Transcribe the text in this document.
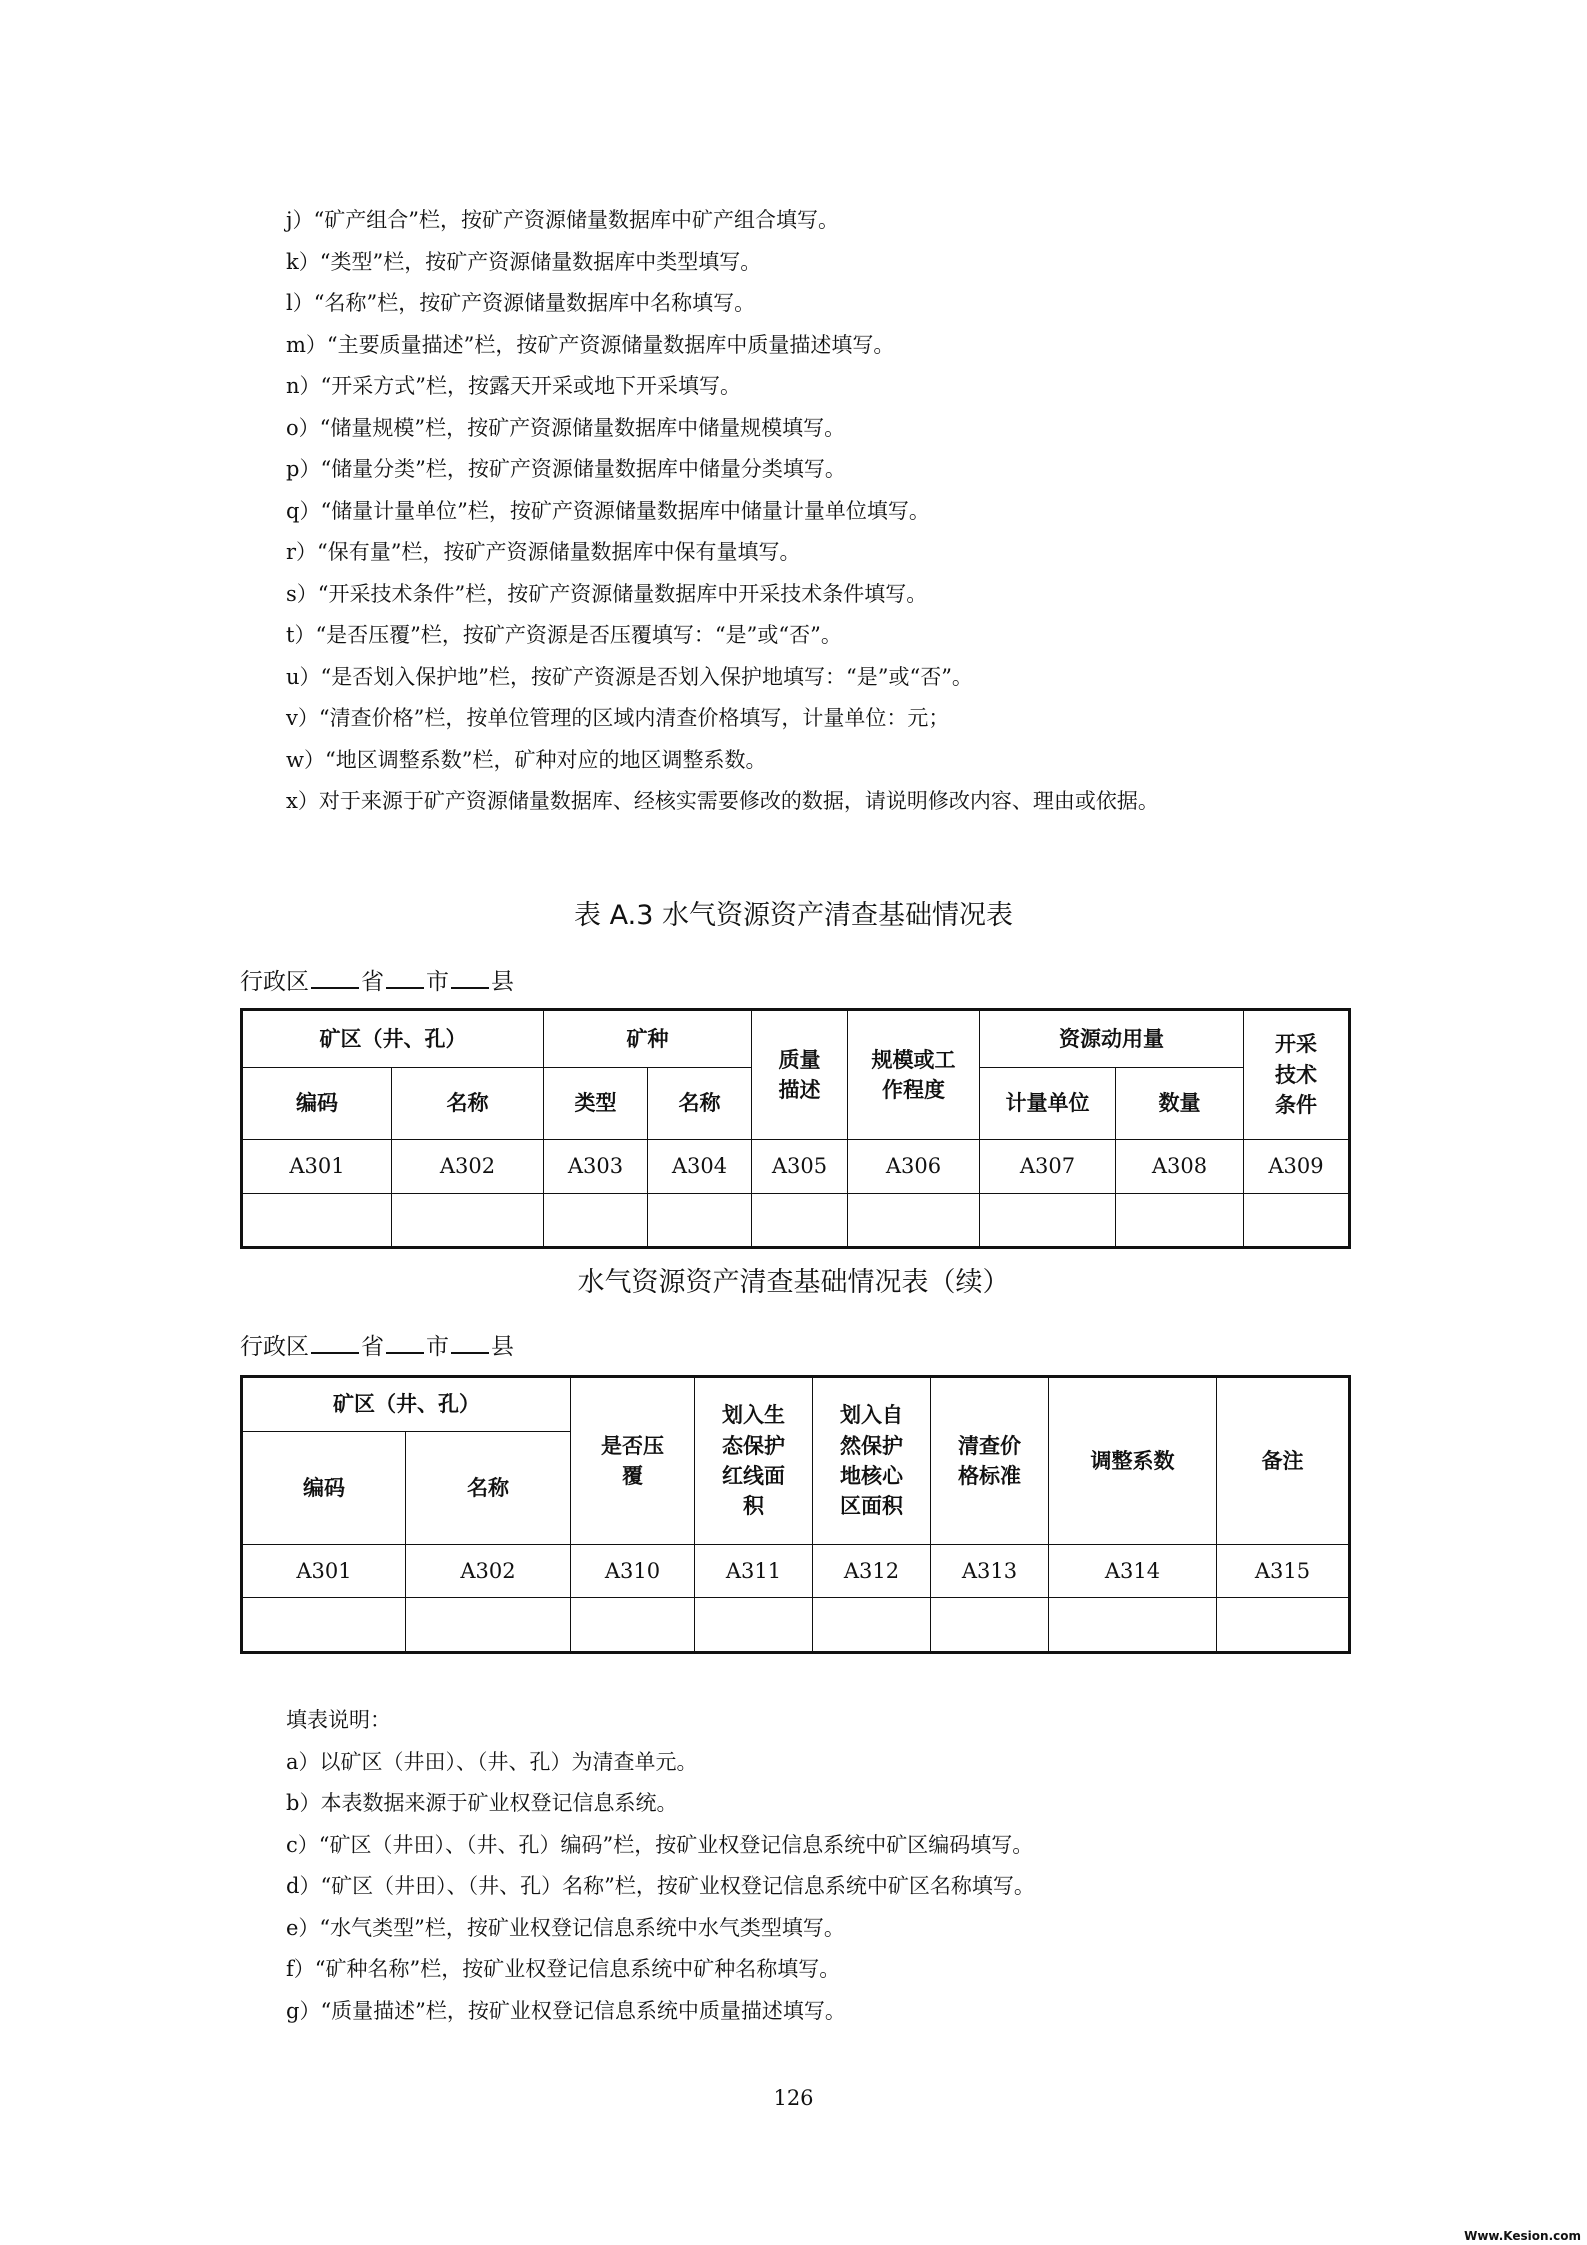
j）“矿产组合”栏，按矿产资源储量数据库中矿产组合填写。
k）“类型”栏，按矿产资源储量数据库中类型填写。
l）“名称”栏，按矿产资源储量数据库中名称填写。
m）“主要质量描述”栏，按矿产资源储量数据库中质量描述填写。
n）“开采方式”栏，按露天开采或地下开采填写。
o）“储量规模”栏，按矿产资源储量数据库中储量规模填写。
p）“储量分类”栏，按矿产资源储量数据库中储量分类填写。
q）“储量计量单位”栏，按矿产资源储量数据库中储量计量单位填写。
r）“保有量”栏，按矿产资源储量数据库中保有量填写。
s）“开采技术条件”栏，按矿产资源储量数据库中开采技术条件填写。
t）“是否压覆”栏，按矿产资源是否压覆填写：“是”或“否”。
u）“是否划入保护地”栏，按矿产资源是否划入保护地填写：“是”或“否”。
v）“清查价格”栏，按单位管理的区域内清查价格填写，计量单位：元；
w）“地区调整系数”栏，矿种对应的地区调整系数。
x）对于来源于矿产资源储量数据库、经核实需要修改的数据，请说明修改内容、理由或依据。
表 A.3 水气资源资产清查基础情况表
行政区 省 市 县
矿区（井、孔）		矿种		质量描述	规模或工作程度	资源动用量		开采技术条件

编码	名称	类型	名称			计量单位	数量	
A301	A302	A303	A304	A305	A306	A307	A308	A309

水气资源资产清查基础情况表（续）
行政区 省 市 县
矿区（井、孔）		是否压覆	划入生态保护红线面积	划入自然保护地核心区面积	清查价格标准	调整系数	备注
编码	名称						
A301	A302	A310	A311	A312	A313	A314	A315

填表说明：
a）以矿区（井田）、（井、孔）为清查单元。
b）本表数据来源于矿业权登记信息系统。
c）“矿区（井田）、（井、孔）编码”栏，按矿业权登记信息系统中矿区编码填写。
d）“矿区（井田）、（井、孔）名称”栏，按矿业权登记信息系统中矿区名称填写。
e）“水气类型”栏，按矿业权登记信息系统中水气类型填写。
f）“矿种名称”栏，按矿业权登记信息系统中矿种名称填写。
g）“质量描述”栏，按矿业权登记信息系统中质量描述填写。
126
Www.Kesion.com
